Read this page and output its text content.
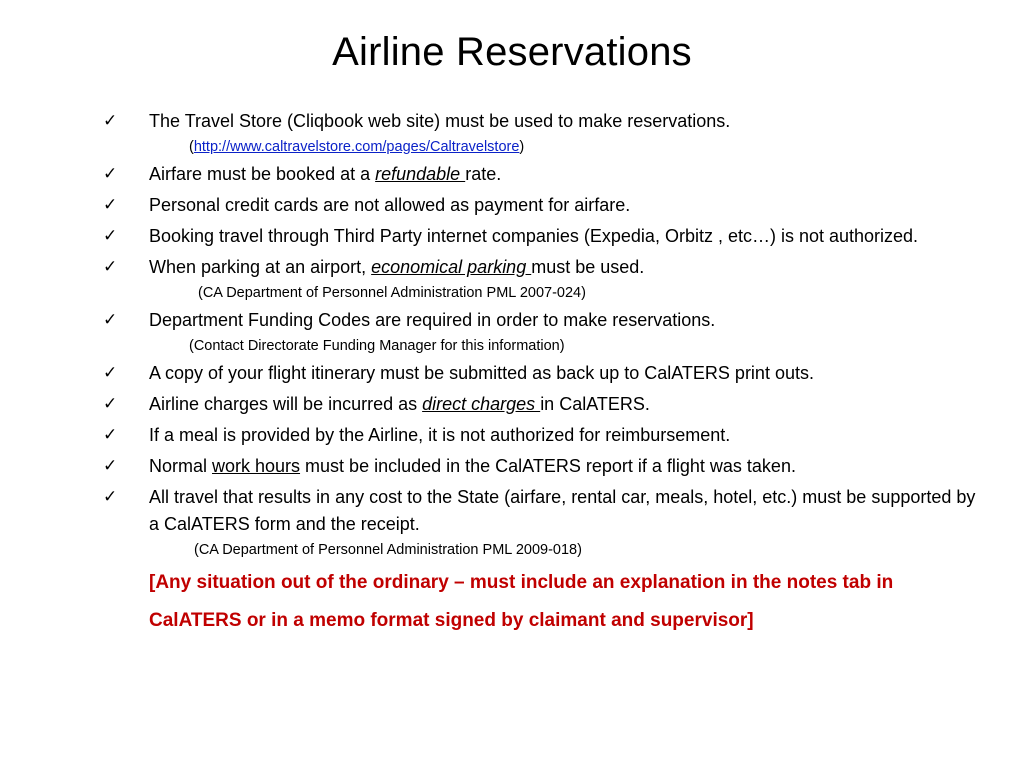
Airline Reservations
✓ The Travel Store (Cliqbook web site) must be used to make reservations.
(http://www.caltravelstore.com/pages/Caltravelstore)
✓ Airfare must be booked at a refundable rate.
✓ Personal credit cards are not allowed as payment for airfare.
✓ Booking travel through Third Party internet companies (Expedia, Orbitz , etc…) is not authorized.
✓ When parking at an airport, economical parking must be used.
(CA Department of Personnel Administration PML 2007-024)
✓ Department Funding Codes are required in order to make reservations.
(Contact Directorate Funding Manager for this information)
✓ A copy of your flight itinerary must be submitted as back up to CalATERS print outs.
✓ Airline charges will be incurred as direct charges in CalATERS.
✓ If a meal is provided by the Airline, it is not authorized for reimbursement.
✓ Normal work hours must be included in the CalATERS report if a flight was taken.
✓ All travel that results in any cost to the State (airfare, rental car, meals, hotel, etc.) must be supported by a CalATERS form and the receipt.
(CA Department of Personnel Administration PML 2009-018)
[Any situation out of the ordinary – must include an explanation in the notes tab in CalATERS or in a memo format signed by claimant and supervisor]
